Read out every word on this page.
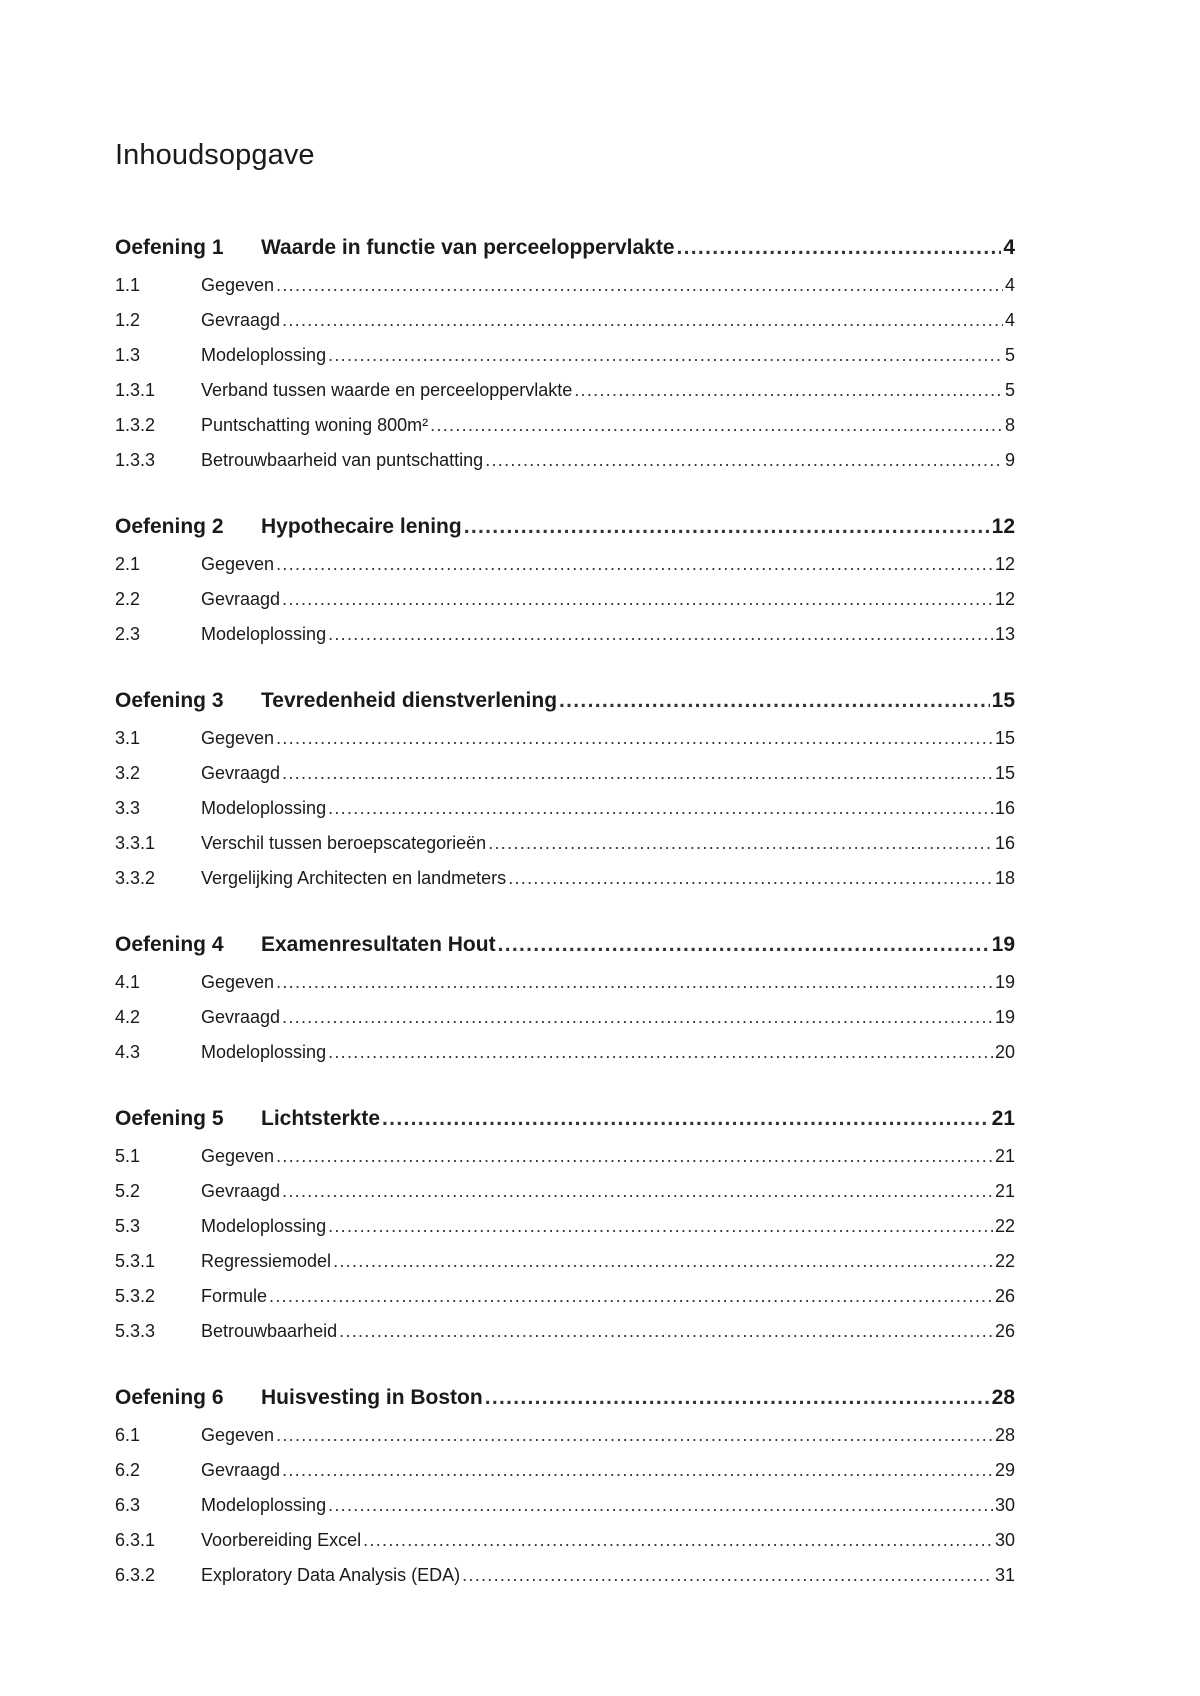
Inhoudsopgave
Oefening 1	Waarde in functie van perceeloppervlakte .....	4
1.1	Gegeven .....	4
1.2	Gevraagd .....	4
1.3	Modeloplossing .....	5
1.3.1	Verband tussen waarde en perceeloppervlakte .....	5
1.3.2	Puntschatting woning 800m² .....	8
1.3.3	Betrouwbaarheid van puntschatting .....	9
Oefening 2	Hypothecaire lening .....	12
2.1	Gegeven .....	12
2.2	Gevraagd .....	12
2.3	Modeloplossing .....	13
Oefening 3	Tevredenheid dienstverlening .....	15
3.1	Gegeven .....	15
3.2	Gevraagd .....	15
3.3	Modeloplossing .....	16
3.3.1	Verschil tussen beroepscategorieën .....	16
3.3.2	Vergelijking Architecten en landmeters .....	18
Oefening 4	Examenresultaten Hout .....	19
4.1	Gegeven .....	19
4.2	Gevraagd .....	19
4.3	Modeloplossing .....	20
Oefening 5	Lichtsterkte .....	21
5.1	Gegeven .....	21
5.2	Gevraagd .....	21
5.3	Modeloplossing .....	22
5.3.1	Regressiemodel .....	22
5.3.2	Formule .....	26
5.3.3	Betrouwbaarheid .....	26
Oefening 6	Huisvesting in Boston .....	28
6.1	Gegeven .....	28
6.2	Gevraagd .....	29
6.3	Modeloplossing .....	30
6.3.1	Voorbereiding Excel .....	30
6.3.2	Exploratory Data Analysis (EDA) .....	31
